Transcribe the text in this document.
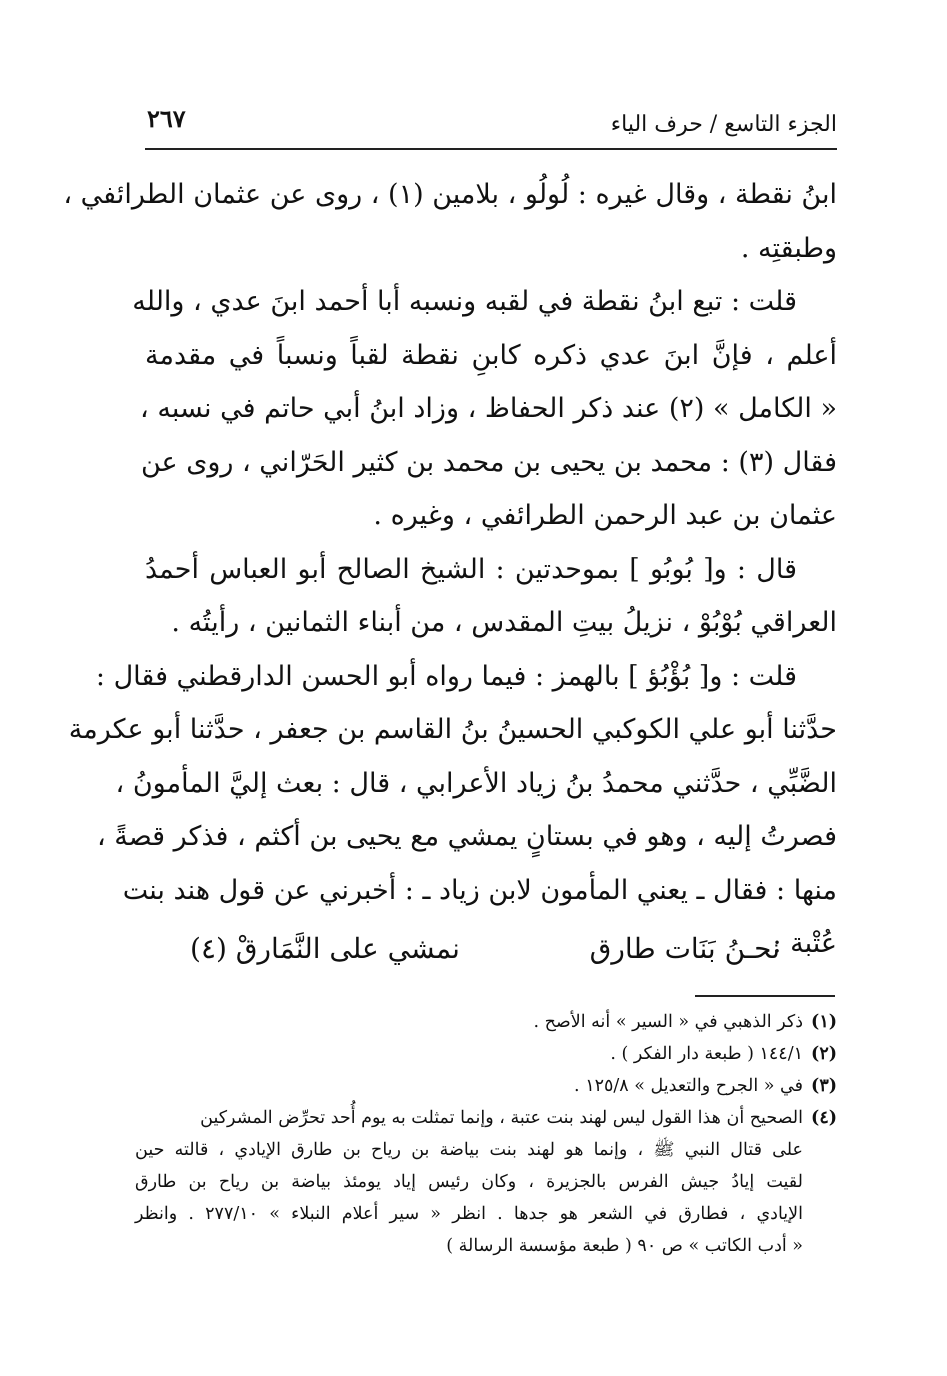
الجزء التاسع / حرف الياء
٢٦٧
ابنُ نقطة ، وقال غيره : لُولُو ، بلامين (١) ، روى عن عثمان الطرائفي ،
وطبقتِه .
قلت : تبع ابنُ نقطة في لقبه ونسبه أبا أحمد ابنَ عدي ، والله
أعلم ، فإنَّ ابنَ عدي ذكره كابنِ نقطة لقباً ونسباً في مقدمة
« الكامل » (٢) عند ذكر الحفاظ ، وزاد ابنُ أبي حاتم في نسبه ،
فقال (٣) : محمد بن يحيى بن محمد بن كثير الحَرّاني ، روى عن
عثمان بن عبد الرحمن الطرائفي ، وغيره .
قال : و[ بُوبُو ] بموحدتين : الشيخ الصالح أبو العباس أحمدُ
العراقي بُوْبُوْ ، نزيلُ بيتِ المقدس ، من أبناء الثمانين ، رأيتُه .
قلت : و[ بُؤْبُؤ ] بالهمز : فيما رواه أبو الحسن الدارقطني فقال :
حدَّثنا أبو علي الكوكبي الحسينُ بنُ القاسم بن جعفر ، حدَّثنا أبو عكرمة
الضَّبِّي ، حدَّثني محمدُ بنُ زياد الأعرابي ، قال : بعث إليَّ المأمونُ ،
فصرتُ إليه ، وهو في بستانٍ يمشي مع يحيى بن أكثم ، فذكر قصةً ،
منها : فقال ـ يعني المأمون لابن زياد ـ : أخبرني عن قول هند بنت
عُتْبة :
نحـنُ بَنَات طارق
نمشي على النَّمَارقْ (٤)
(١)ذكر الذهبي في « السير » أنه الأصح .
(٢)١٤٤/١ ( طبعة دار الفكر ) .
(٣)في « الجرح والتعديل » ١٢٥/٨ .
(٤)الصحيح أن هذا القول ليس لهند بنت عتبة ، وإنما تمثلت به يوم أُحد تحرِّض المشركين
على قتال النبي ﷺ ، وإنما هو لهند بنت بياضة بن رياح بن طارق الإيادي ، قالته حين
لقيت إيادُ جيش الفرس بالجزيرة ، وكان رئيس إياد يومئذ بياضة بن رياح بن طارق
الإيادي ، فطارق في الشعر هو جدها . انظر « سير أعلام النبلاء » ٢٧٧/١٠ . وانظر
« أدب الكاتب » ص ٩٠ ( طبعة مؤسسة الرسالة )
